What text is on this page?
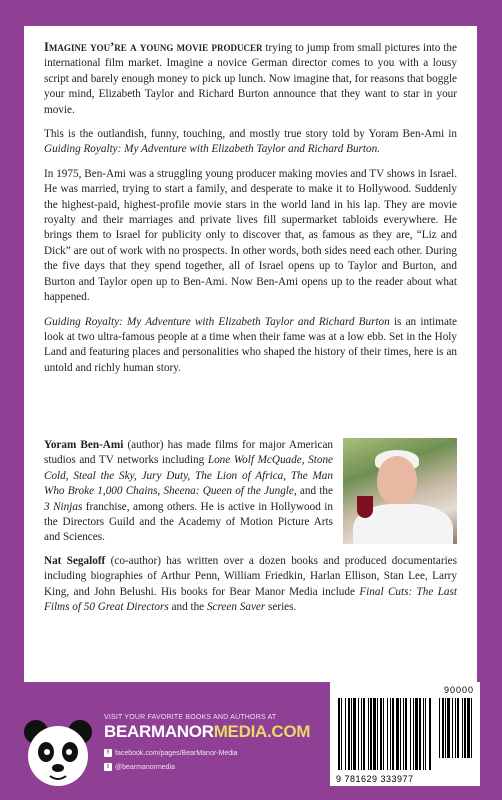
Imagine you’re a young movie producer trying to jump from small pictures into the international film market. Imagine a novice German director comes to you with a lousy script and barely enough money to pick up lunch. Now imagine that, for reasons that boggle your mind, Elizabeth Taylor and Richard Burton announce that they want to star in your movie.

This is the outlandish, funny, touching, and mostly true story told by Yoram Ben-Ami in Guiding Royalty: My Adventure with Elizabeth Taylor and Richard Burton.

In 1975, Ben-Ami was a struggling young producer making movies and TV shows in Israel. He was married, trying to start a family, and desperate to make it to Hollywood. Suddenly the highest-paid, highest-profile movie stars in the world land in his lap. They are movie royalty and their marriages and private lives fill supermarket tabloids everywhere. He brings them to Israel for publicity only to discover that, as famous as they are, “Liz and Dick” are out of work with no prospects. In other words, both sides need each other. During the five days that they spend together, all of Israel opens up to Taylor and Burton, and Burton and Taylor open up to Ben-Ami. Now Ben-Ami opens up to the reader about what happened.

Guiding Royalty: My Adventure with Elizabeth Taylor and Richard Burton is an intimate look at two ultra-famous people at a time when their fame was at a low ebb. Set in the Holy Land and featuring places and personalities who shaped the history of their times, here is an untold and richly human story.

Yoram Ben-Ami (author) has made films for major American studios and TV networks including Lone Wolf McQuade, Stone Cold, Steal the Sky, Jury Duty, The Lion of Africa, The Man Who Broke 1,000 Chains, Sheena: Queen of the Jungle, and the 3 Ninjas franchise, among others. He is active in Hollywood in the Directors Guild and the Academy of Motion Picture Arts and Sciences.

Nat Segaloff (co-author) has written over a dozen books and produced documentaries including biographies of Arthur Penn, William Friedkin, Harlan Ellison, Stan Lee, Larry King, and John Belushi. His books for Bear Manor Media include Final Cuts: The Last Films of 50 Great Directors and the Screen Saver series.

VISIT YOUR FAVORITE BOOKS AND AUTHORS AT
BEARMANORMEDIA.COM
f facebook.com/pages/BearManor-Media
t @bearmanormedia
90000
9 781629 333977
